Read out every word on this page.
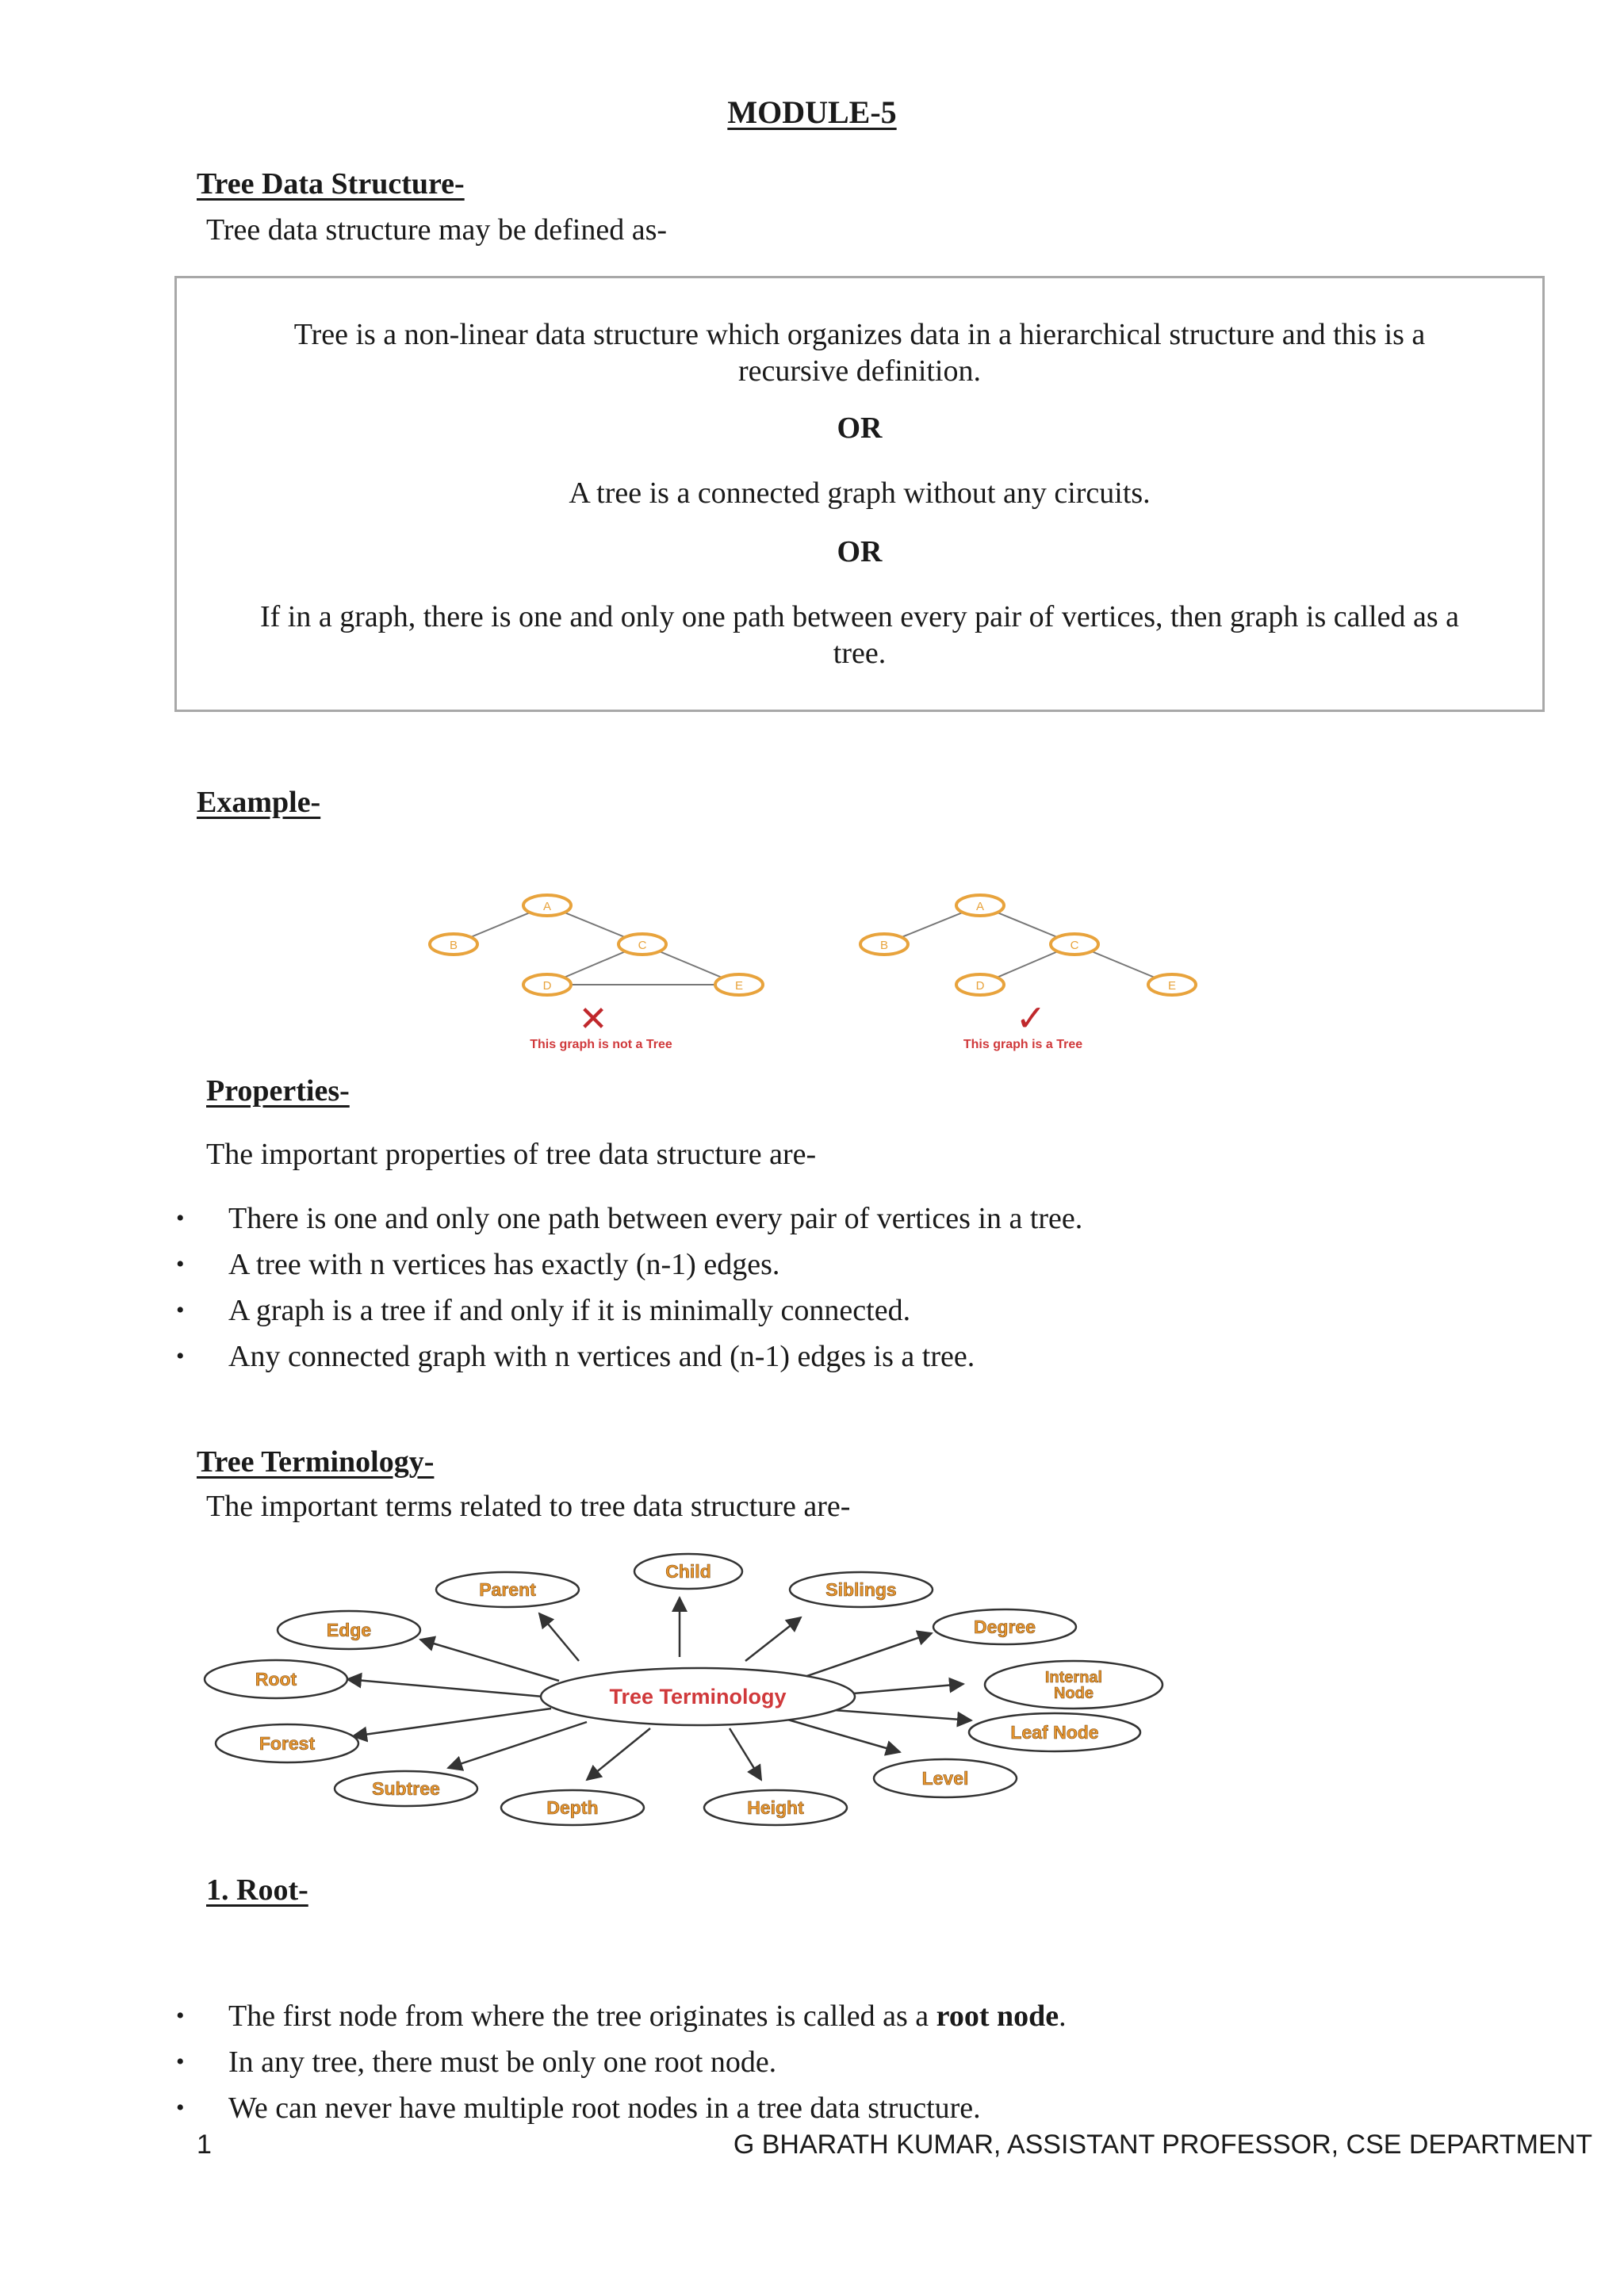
MODULE-5
Tree Data Structure-
Tree data structure may be defined as-
Tree is a non-linear data structure which organizes data in a hierarchical structure and this is a
recursive definition.
OR
A tree is a connected graph without any circuits.
OR
If in a graph, there is one and only one path between every pair of vertices, then graph is called as a
tree.
Example-
A
B	C
D	E
✕
This graph is not a Tree
A
B	C
D	E
✓
This graph is a Tree
Properties-
The important properties of tree data structure are-
• There is one and only one path between every pair of vertices in a tree.
• A tree with n vertices has exactly (n-1) edges.
• A graph is a tree if and only if it is minimally connected.
• Any connected graph with n vertices and (n-1) edges is a tree.
Tree Terminology-
The important terms related to tree data structure are-
Parent
Child
Siblings
Degree
Internal
Node
Leaf Node
Level
Height
Depth
Subtree
Forest
Root
Edge
Tree Terminology
1. Root-
• The first node from where the tree originates is called as a root node.
• In any tree, there must be only one root node.
• We can never have multiple root nodes in a tree data structure.
1	G BHARATH KUMAR, ASSISTANT PROFESSOR, CSE DEPARTMENT
